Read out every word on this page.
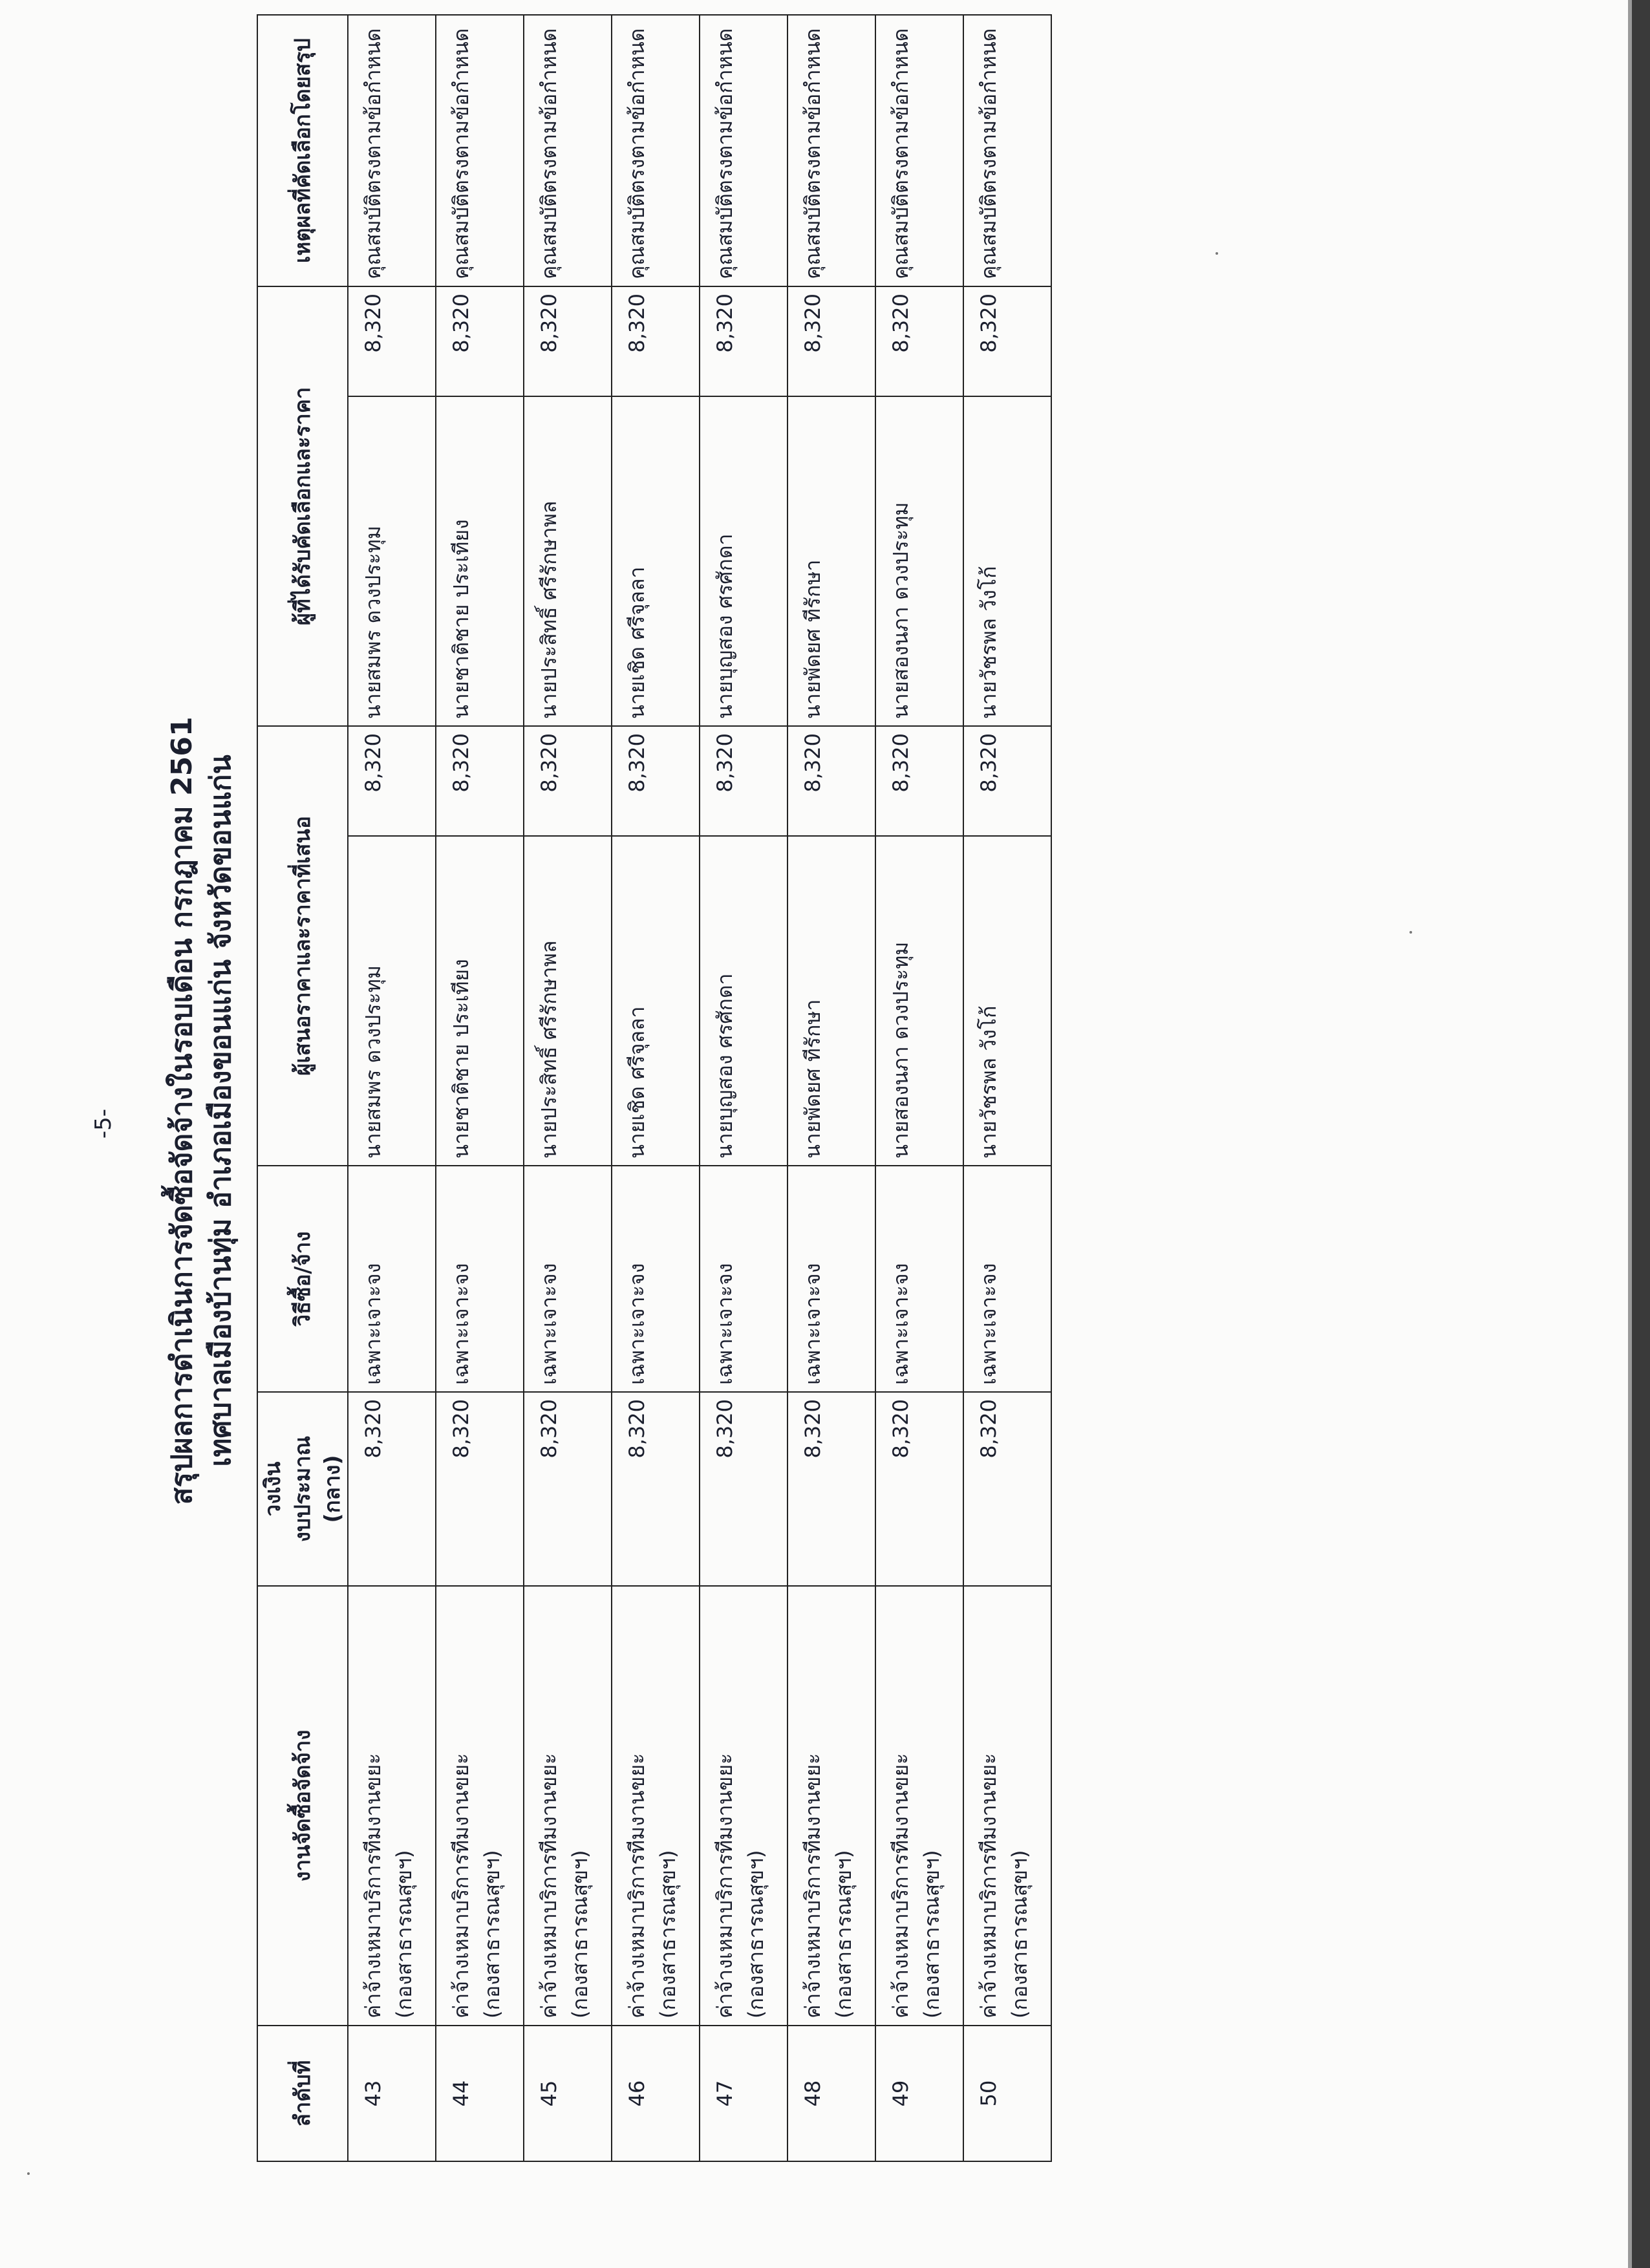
-5- สรุปผลการดำเนินการจัดซื้อจัดจ้างในรอบเดือน กรกฎาคม 2561 เทศบาลเมืองบ้านทุ่ม อำเภอเมืองขอนแก่น จังหวัดขอนแก่น
ลำดับที่	งานจัดซื้อจัดจ้าง	วงเงิน งบประมาณ (กลาง)	วิธีซื้อ/จ้าง	ผู้เสนอราคาและราคาที่เสนอ		ผู้ที่ได้รับคัดเลือกและราคา		เหตุผลที่คัดเลือกโดยสรุป
43	ค่าจ้างเหมาบริการทีมงานขยะ (กองสาธารณสุขฯ)	8,320	เฉพาะเจาะจง	นายสมพร ดวงประทุม	8,320	นายสมพร ดวงประทุม	8,320	คุณสมบัติตรงตามข้อกำหนด
44	ค่าจ้างเหมาบริการทีมงานขยะ (กองสาธารณสุขฯ)	8,320	เฉพาะเจาะจง	นายชาติชาย ประเทียง	8,320	นายชาติชาย ประเทียง	8,320	คุณสมบัติตรงตามข้อกำหนด
45	ค่าจ้างเหมาบริการทีมงานขยะ (กองสาธารณสุขฯ)	8,320	เฉพาะเจาะจง	นายประสิทธิ์ ศรีรักษาพล	8,320	นายประสิทธิ์ ศรีรักษาพล	8,320	คุณสมบัติตรงตามข้อกำหนด
46	ค่าจ้างเหมาบริการทีมงานขยะ (กองสาธารณสุขฯ)	8,320	เฉพาะเจาะจง	นายเชิด ศรีจุลลา	8,320	นายเชิด ศรีจุลลา	8,320	คุณสมบัติตรงตามข้อกำหนด
47	ค่าจ้างเหมาบริการทีมงานขยะ (กองสาธารณสุขฯ)	8,320	เฉพาะเจาะจง	นายบุญสอง ศรศักดา	8,320	นายบุญสอง ศรศักดา	8,320	คุณสมบัติตรงตามข้อกำหนด
48	ค่าจ้างเหมาบริการทีมงานขยะ (กองสาธารณสุขฯ)	8,320	เฉพาะเจาะจง	นายพัดยศ ทีรักษา	8,320	นายพัดยศ ทีรักษา	8,320	คุณสมบัติตรงตามข้อกำหนด
49	ค่าจ้างเหมาบริการทีมงานขยะ (กองสาธารณสุขฯ)	8,320	เฉพาะเจาะจง	นายสองนภา ดวงประทุม	8,320	นายสองนภา ดวงประทุม	8,320	คุณสมบัติตรงตามข้อกำหนด
50	ค่าจ้างเหมาบริการทีมงานขยะ (กองสาธารณสุขฯ)	8,320	เฉพาะเจาะจง	นายวัชรพล วังโก้	8,320	นายวัชรพล วังโก้	8,320	คุณสมบัติตรงตามข้อกำหนด
